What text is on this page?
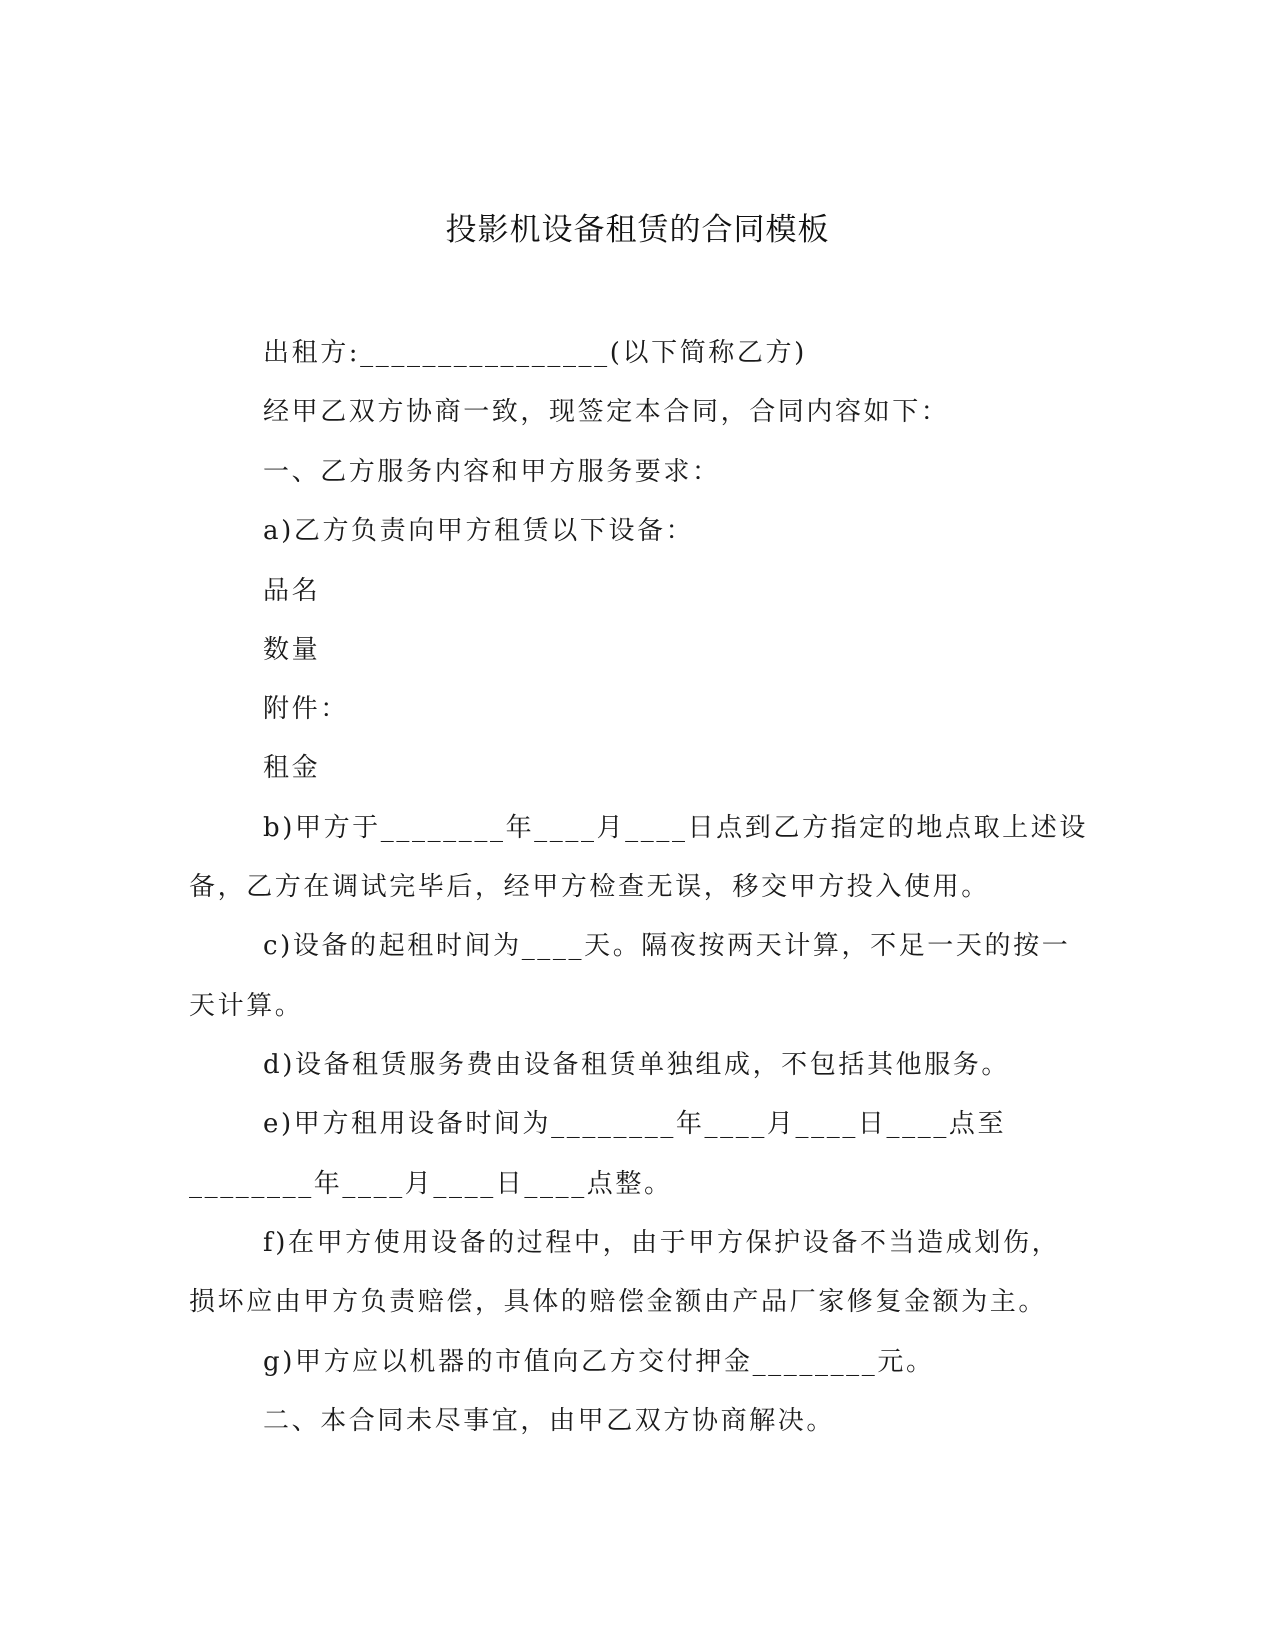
投影机设备租赁的合同模板
出租方:________________(以下简称乙方)
经甲乙双方协商一致，现签定本合同，合同内容如下：
一、乙方服务内容和甲方服务要求：
a)乙方负责向甲方租赁以下设备：
品名
数量
附件：
租金
b)甲方于________年____月____日点到乙方指定的地点取上述设
备，乙方在调试完毕后，经甲方检查无误，移交甲方投入使用。
c)设备的起租时间为____天。隔夜按两天计算，不足一天的按一
天计算。
d)设备租赁服务费由设备租赁单独组成，不包括其他服务。
e)甲方租用设备时间为________年____月____日____点至
________年____月____日____点整。
f)在甲方使用设备的过程中，由于甲方保护设备不当造成划伤，
损坏应由甲方负责赔偿，具体的赔偿金额由产品厂家修复金额为主。
g)甲方应以机器的市值向乙方交付押金________元。
二、本合同未尽事宜，由甲乙双方协商解决。
